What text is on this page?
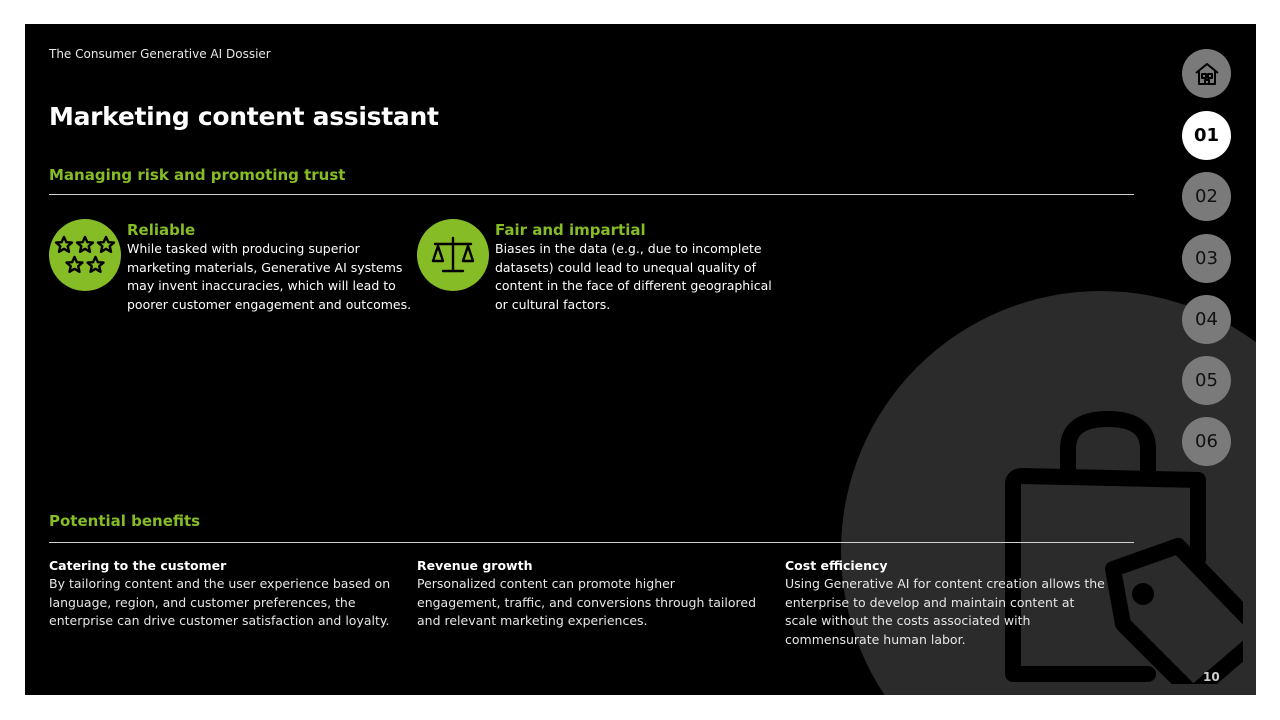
The Consumer Generative AI Dossier
Marketing content assistant
Managing risk and promoting trust
Reliable
While tasked with producing superior marketing materials, Generative AI systems may invent inaccuracies, which will lead to poorer customer engagement and outcomes.
Fair and impartial
Biases in the data (e.g., due to incomplete datasets) could lead to unequal quality of content in the face of different geographical or cultural factors.
Potential benefits
Catering to the customer
By tailoring content and the user experience based on language, region, and customer preferences, the enterprise can drive customer satisfaction and loyalty.
Revenue growth
Personalized content can promote higher engagement, traffic, and conversions through tailored and relevant marketing experiences.
Cost efficiency
Using Generative AI for content creation allows the enterprise to develop and maintain content at scale without the costs associated with commensurate human labor.
01
02
03
04
05
06
10
